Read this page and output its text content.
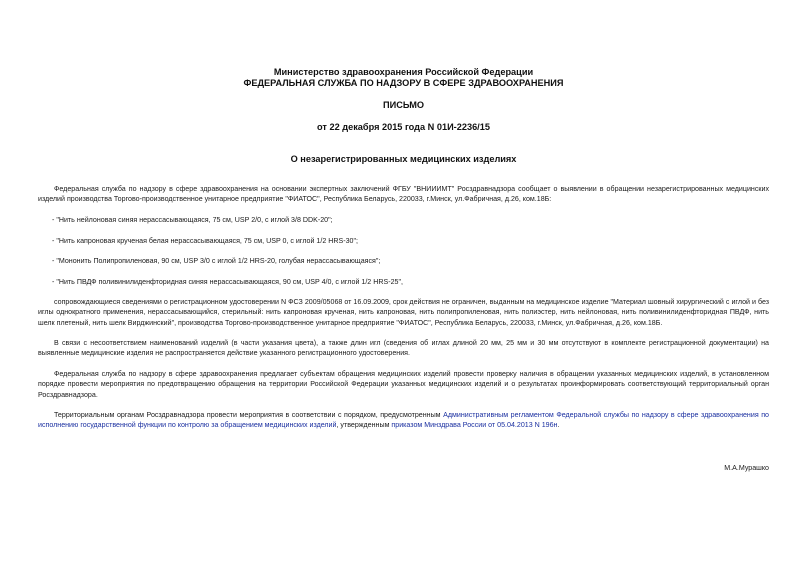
Министерство здравоохранения Российской Федерации
ФЕДЕРАЛЬНАЯ СЛУЖБА ПО НАДЗОРУ В СФЕРЕ ЗДРАВООХРАНЕНИЯ
ПИСЬМО
от 22 декабря 2015 года N 01И-2236/15
О незарегистрированных медицинских изделиях

Федеральная служба по надзору в сфере здравоохранения на основании экспертных заключений ФГБУ "ВНИИИМТ" Росздравнадзора сообщает о выявлении в обращении незарегистрированных медицинских изделий производства Торгово-производственное унитарное предприятие "ФИАТОС", Республика Беларусь, 220033, г.Минск, ул.Фабричная, д.26, ком.18Б:

- "Нить нейлоновая синяя нерассасывающаяся, 75 см, USP 2/0, с иглой 3/8 DDK-20";

- "Нить капроновая крученая белая нерассасывающаяся, 75 см, USP 0, с иглой 1/2 HRS-30";

- "Мононить Полипропиленовая, 90 см, USP 3/0 с иглой 1/2 HRS-20, голубая нерассасывающаяся";

- "Нить ПВДФ поливинилиденфторидная синяя нерассасывающаяся, 90 см, USP 4/0, с иглой 1/2 HRS-25",

сопровождающиеся сведениями о регистрационном удостоверении N ФСЗ 2009/05068 от 16.09.2009, срок действия не ограничен, выданным на медицинское изделие "Материал шовный хирургический с иглой и без иглы однократного применения, нерассасывающийся, стерильный: нить капроновая крученая, нить капроновая, нить полипропиленовая, нить полиэстер, нить нейлоновая, нить поливинилиденфторидная ПВДФ, нить шелк плетеный, нить шелк Вирджинский", производства Торгово-производственное унитарное предприятие "ФИАТОС", Республика Беларусь, 220033, г.Минск, ул.Фабричная, д.26, ком.18Б.

В связи с несоответствием наименований изделий (в части указания цвета), а также длин игл (сведения об иглах длиной 20 мм, 25 мм и 30 мм отсутствуют в комплекте регистрационной документации) на выявленные медицинские изделия не распространяется действие указанного регистрационного удостоверения.

Федеральная служба по надзору в сфере здравоохранения предлагает субъектам обращения медицинских изделий провести проверку наличия в обращении указанных медицинских изделий, в установленном порядке провести мероприятия по предотвращению обращения на территории Российской Федерации указанных медицинских изделий и о результатах проинформировать соответствующий территориальный орган Росздравнадзора.

Территориальным органам Росздравнадзора провести мероприятия в соответствии с порядком, предусмотренным Административным регламентом Федеральной службы по надзору в сфере здравоохранения по исполнению государственной функции по контролю за обращением медицинских изделий, утвержденным приказом Минздрава России от 05.04.2013 N 196н.

М.А.Мурашко
